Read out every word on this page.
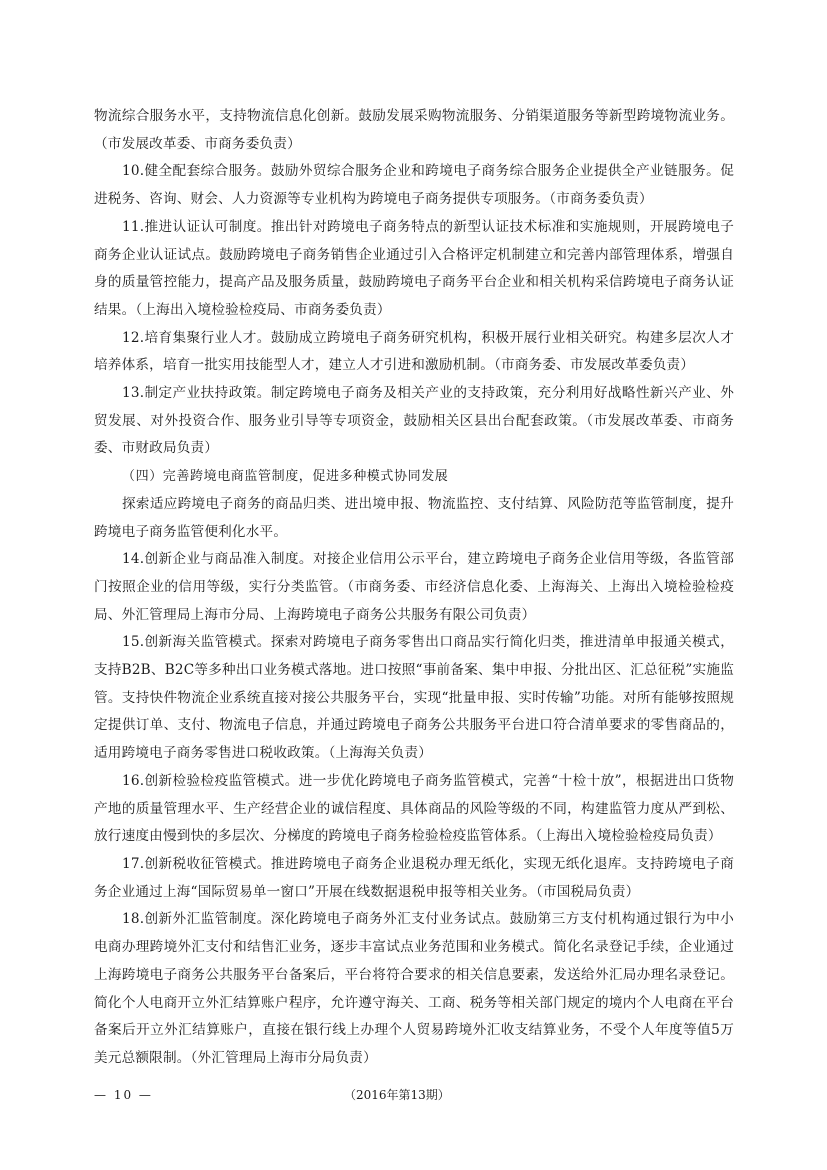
物流综合服务水平，支持物流信息化创新。鼓励发展采购物流服务、分销渠道服务等新型跨境物流业务。（市发展改革委、市商务委负责）

10.健全配套综合服务。鼓励外贸综合服务企业和跨境电子商务综合服务企业提供全产业链服务。促进税务、咨询、财会、人力资源等专业机构为跨境电子商务提供专项服务。（市商务委负责）

11.推进认证认可制度。推出针对跨境电子商务特点的新型认证技术标准和实施规则，开展跨境电子商务企业认证试点。鼓励跨境电子商务销售企业通过引入合格评定机制建立和完善内部管理体系，增强自身的质量管控能力，提高产品及服务质量，鼓励跨境电子商务平台企业和相关机构采信跨境电子商务认证结果。（上海出入境检验检疫局、市商务委负责）

12.培育集聚行业人才。鼓励成立跨境电子商务研究机构，积极开展行业相关研究。构建多层次人才培养体系，培育一批实用技能型人才，建立人才引进和激励机制。（市商务委、市发展改革委负责）

13.制定产业扶持政策。制定跨境电子商务及相关产业的支持政策，充分利用好战略性新兴产业、外贸发展、对外投资合作、服务业引导等专项资金，鼓励相关区县出台配套政策。（市发展改革委、市商务委、市财政局负责）

（四）完善跨境电商监管制度，促进多种模式协同发展

探索适应跨境电子商务的商品归类、进出境申报、物流监控、支付结算、风险防范等监管制度，提升跨境电子商务监管便利化水平。

14.创新企业与商品准入制度。对接企业信用公示平台，建立跨境电子商务企业信用等级，各监管部门按照企业的信用等级，实行分类监管。（市商务委、市经济信息化委、上海海关、上海出入境检验检疫局、外汇管理局上海市分局、上海跨境电子商务公共服务有限公司负责）

15.创新海关监管模式。探索对跨境电子商务零售出口商品实行简化归类，推进清单申报通关模式，支持B2B、B2C等多种出口业务模式落地。进口按照“事前备案、集中申报、分批出区、汇总征税”实施监管。支持快件物流企业系统直接对接公共服务平台，实现“批量申报、实时传输”功能。对所有能够按照规定提供订单、支付、物流电子信息，并通过跨境电子商务公共服务平台进口符合清单要求的零售商品的，适用跨境电子商务零售进口税收政策。（上海海关负责）

16.创新检验检疫监管模式。进一步优化跨境电子商务监管模式，完善“十检十放”，根据进出口货物产地的质量管理水平、生产经营企业的诚信程度、具体商品的风险等级的不同，构建监管力度从严到松、放行速度由慢到快的多层次、分梯度的跨境电子商务检验检疫监管体系。（上海出入境检验检疫局负责）

17.创新税收征管模式。推进跨境电子商务企业退税办理无纸化，实现无纸化退库。支持跨境电子商务企业通过上海“国际贸易单一窗口”开展在线数据退税申报等相关业务。（市国税局负责）

18.创新外汇监管制度。深化跨境电子商务外汇支付业务试点。鼓励第三方支付机构通过银行为中小电商办理跨境外汇支付和结售汇业务，逐步丰富试点业务范围和业务模式。简化名录登记手续，企业通过上海跨境电子商务公共服务平台备案后，平台将符合要求的相关信息要素，发送给外汇局办理名录登记。简化个人电商开立外汇结算账户程序，允许遵守海关、工商、税务等相关部门规定的境内个人电商在平台备案后开立外汇结算账户，直接在银行线上办理个人贸易跨境外汇收支结算业务，不受个人年度等值5万美元总额限制。（外汇管理局上海市分局负责）

— 10 —	（2016年第13期）
